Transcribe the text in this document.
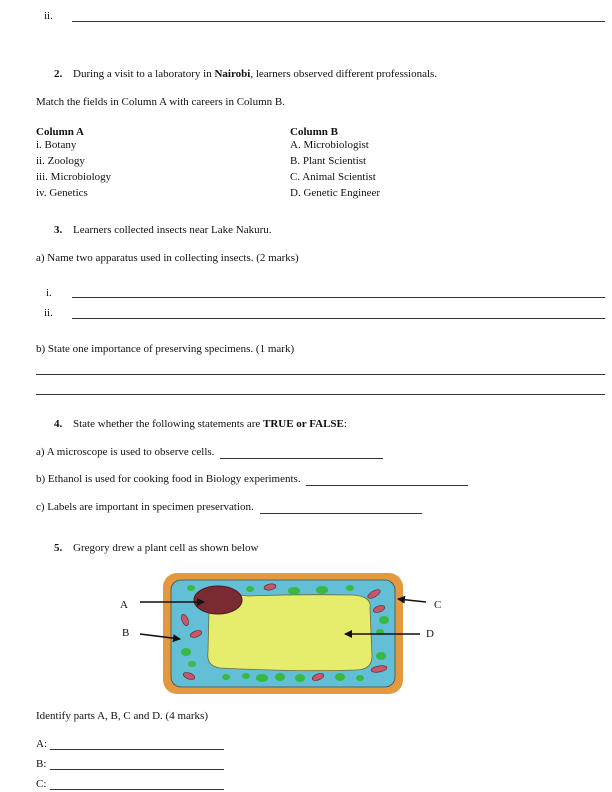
ii.
2. During a visit to a laboratory in Nairobi, learners observed different professionals.
Match the fields in Column A with careers in Column B.
Column A
i. Botany
ii. Zoology
iii. Microbiology
iv. Genetics
Column B
A. Microbiologist
B. Plant Scientist
C. Animal Scientist
D. Genetic Engineer
3. Learners collected insects near Lake Nakuru.
a) Name two apparatus used in collecting insects. (2 marks)
i.
ii.
b) State one importance of preserving specimens. (1 mark)
4. State whether the following statements are TRUE or FALSE:
a) A microscope is used to observe cells.
b) Ethanol is used for cooking food in Biology experiments.
c) Labels are important in specimen preservation.
5. Gregory drew a plant cell as shown below
A
B
C
D
Identify parts A, B, C and D. (4 marks)
A:
B:
C:
